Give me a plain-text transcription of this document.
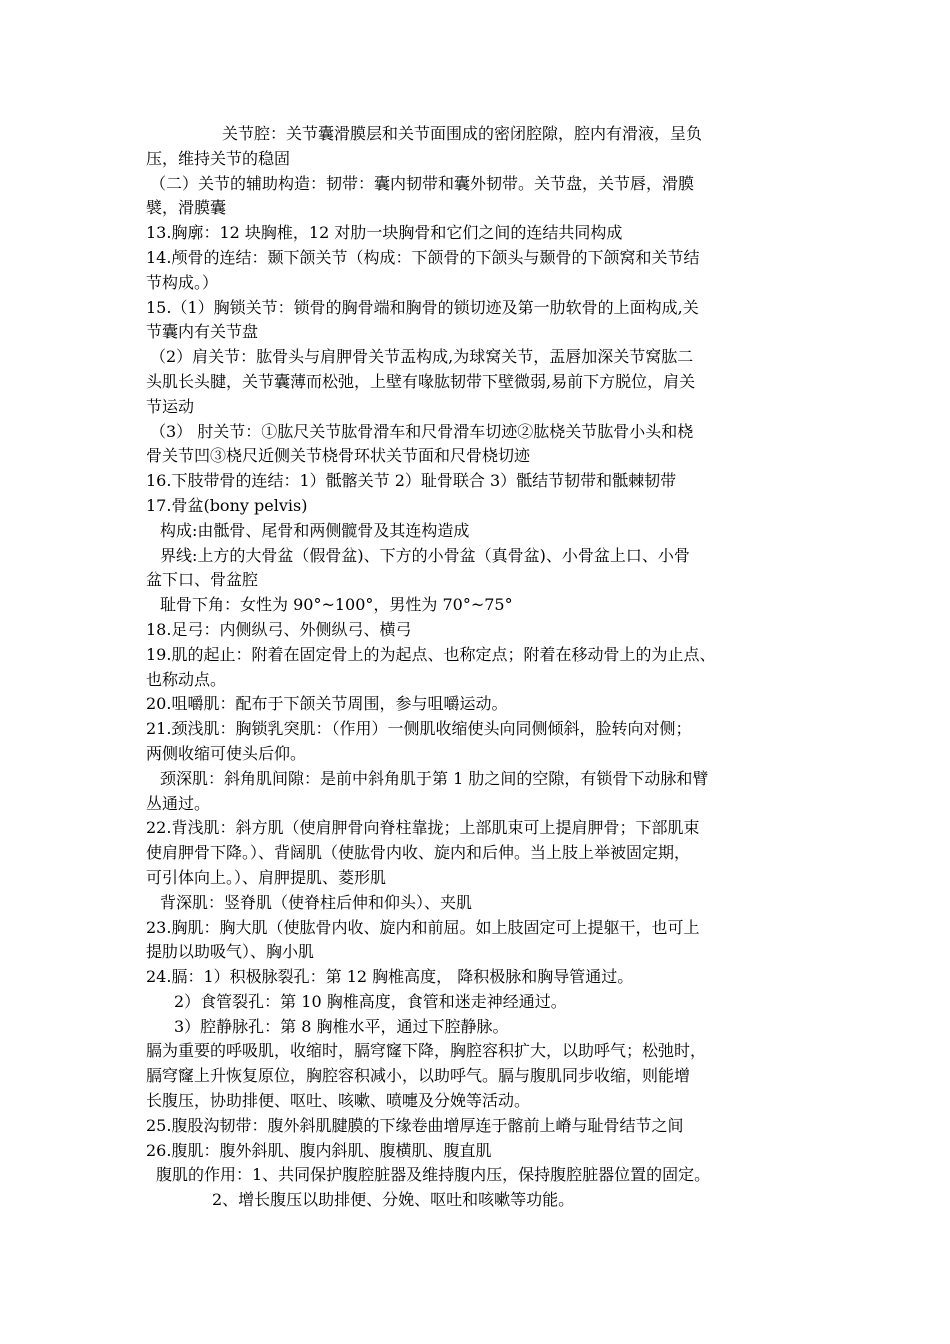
关节腔：关节囊滑膜层和关节面围成的密闭腔隙，腔内有滑液，呈负
压，维持关节的稳固
（二）关节的辅助构造：韧带：囊内韧带和囊外韧带。关节盘，关节唇，滑膜
襞，滑膜囊
13.胸廓：12 块胸椎，12 对肋一块胸骨和它们之间的连结共同构成
14.颅骨的连结：颞下颌关节（构成：下颌骨的下颌头与颞骨的下颌窝和关节结
节构成。）
15.（1）胸锁关节：锁骨的胸骨端和胸骨的锁切迹及第一肋软骨的上面构成,关
节囊内有关节盘
（2）肩关节：肱骨头与肩胛骨关节盂构成,为球窝关节，盂唇加深关节窝肱二
头肌长头腱，关节囊薄而松弛，上壁有喙肱韧带下壁微弱,易前下方脱位，肩关
节运动
（3） 肘关节：①肱尺关节肱骨滑车和尺骨滑车切迹②肱桡关节肱骨小头和桡
骨关节凹③桡尺近侧关节桡骨环状关节面和尺骨桡切迹
16.下肢带骨的连结：1）骶髂关节 2）耻骨联合 3）骶结节韧带和骶棘韧带
17.骨盆(bony pelvis)
构成:由骶骨、尾骨和两侧髋骨及其连构造成
界线:上方的大骨盆（假骨盆)、下方的小骨盆（真骨盆)、小骨盆上口、小骨
盆下口、骨盆腔
耻骨下角：女性为 90°~100°，男性为 70°~75°
18.足弓：内侧纵弓、外侧纵弓、横弓
19.肌的起止：附着在固定骨上的为起点、也称定点；附着在移动骨上的为止点、
也称动点。
20.咀嚼肌：配布于下颌关节周围，参与咀嚼运动。
21.颈浅肌：胸锁乳突肌：（作用）一侧肌收缩使头向同侧倾斜，脸转向对侧；
两侧收缩可使头后仰。
颈深肌：斜角肌间隙：是前中斜角肌于第 1 肋之间的空隙，有锁骨下动脉和臂
丛通过。
22.背浅肌：斜方肌（使肩胛骨向脊柱靠拢；上部肌束可上提肩胛骨；下部肌束
使肩胛骨下降。）、背阔肌（使肱骨内收、旋内和后伸。当上肢上举被固定期，
可引体向上。）、肩胛提肌、菱形肌
背深肌：竖脊肌（使脊柱后伸和仰头）、夹肌
23.胸肌：胸大肌（使肱骨内收、旋内和前屈。如上肢固定可上提躯干，也可上
提肋以助吸气）、胸小肌
24.膈：1）积极脉裂孔：第 12 胸椎高度， 降积极脉和胸导管通过。
2）食管裂孔：第 10 胸椎高度，食管和迷走神经通过。
3）腔静脉孔：第 8 胸椎水平，通过下腔静脉。
膈为重要的呼吸肌，收缩时，膈穹窿下降，胸腔容积扩大，以助呼气；松弛时，
膈穹窿上升恢复原位，胸腔容积减小，以助呼气。膈与腹肌同步收缩，则能增
长腹压，协助排便、呕吐、咳嗽、喷嚏及分娩等活动。
25.腹股沟韧带：腹外斜肌腱膜的下缘卷曲增厚连于髂前上嵴与耻骨结节之间
26.腹肌：腹外斜肌、腹内斜肌、腹横肌、腹直肌
腹肌的作用：1、共同保护腹腔脏器及维持腹内压，保持腹腔脏器位置的固定。
2、增长腹压以助排便、分娩、呕吐和咳嗽等功能。
